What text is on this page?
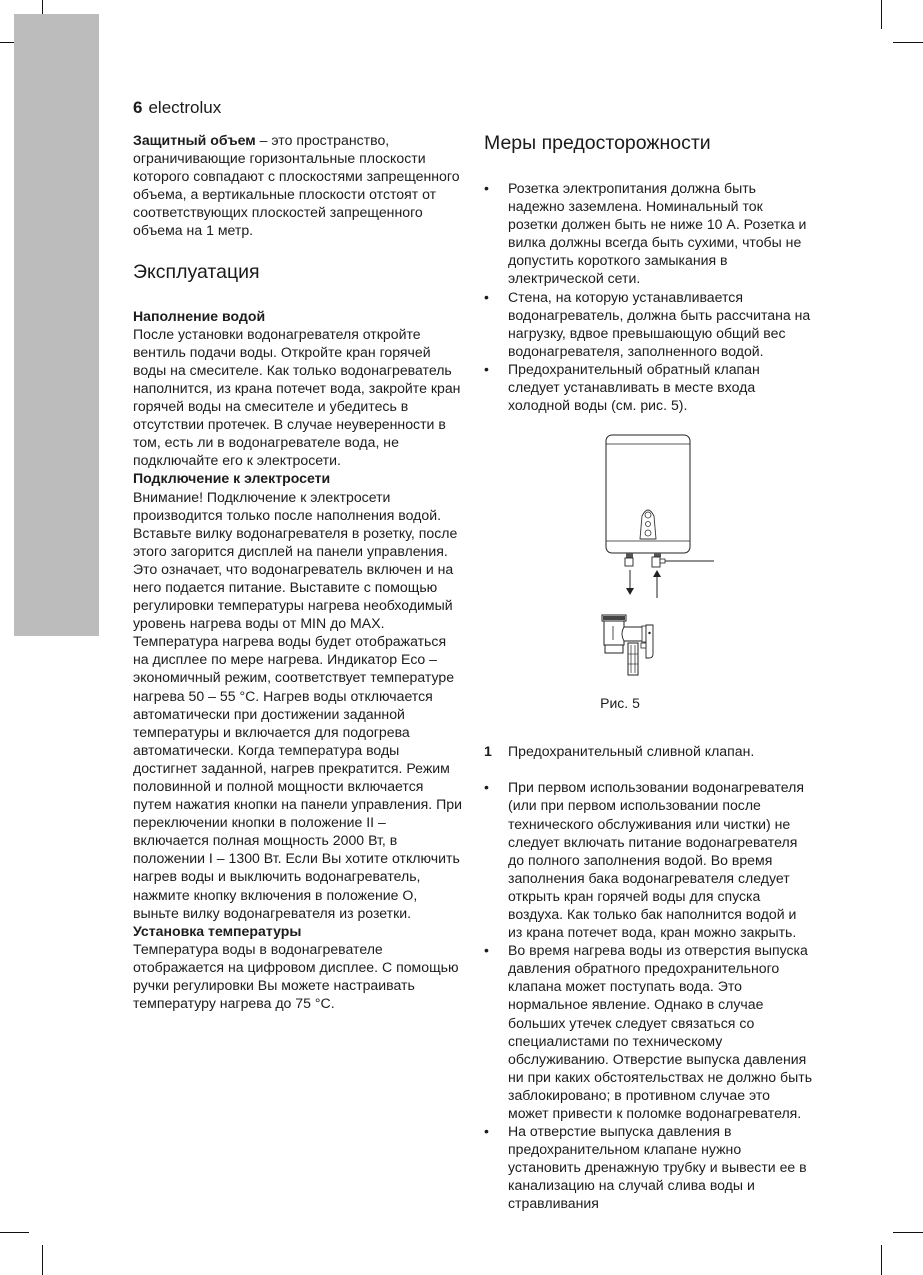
6 electrolux

Защитный объем – это пространство, ограничивающие горизонтальные плоскости которого совпадают с плоскостями запрещенного объема, а вертикальные плоскости отстоят от соответствующих плоскостей запрещенного объема на 1 метр.

Эксплуатация

Наполнение водой

После установки водонагревателя откройте вентиль подачи воды. Откройте кран горячей воды на смесителе. Как только водонагреватель наполнится, из крана потечет вода, закройте кран горячей воды на смесителе и убедитесь в отсутствии протечек. В случае неуверенности в том, есть ли в водонагревателе вода, не подключайте его к электросети.

Подключение к электросети

Внимание! Подключение к электросети производится только после наполнения водой. Вставьте вилку водонагревателя в розетку, после этого загорится дисплей на панели управления. Это означает, что водонагреватель включен и на него подается питание. Выставите с помощью регулировки температуры нагрева необходимый уровень нагрева воды от MIN до MAX. Температура нагрева воды будет отображаться на дисплее по мере нагрева. Индикатор Eco – экономичный режим, соответствует температуре нагрева 50 – 55 °C. Нагрев воды отключается автоматически при достижении заданной температуры и включается для подогрева автоматически. Когда температура воды достигнет заданной, нагрев прекратится. Режим половинной и полной мощности включается путем нажатия кнопки на панели управления. При переключении кнопки в положение II – включается полная мощность 2000 Вт, в положении I – 1300 Вт. Если Вы хотите отключить нагрев воды и выключить водонагреватель, нажмите кнопку включения в положение O, выньте вилку водонагревателя из розетки.

Установка температуры

Температура воды в водонагревателе отображается на цифровом дисплее. С помощью ручки регулировки Вы можете настраивать температуру нагрева до 75 °C.

Меры предосторожности
•	Розетка электропитания должна быть надежно заземлена. Номинальный ток розетки должен быть не ниже 10 А. Розетка и вилка должны всегда быть сухими, чтобы не допустить короткого замыкания в электрической сети.
•	Стена, на которую устанавливается водонагреватель, должна быть рассчитана на нагрузку, вдвое превышающую общий вес водонагревателя, заполненного водой.
•	Предохранительный обратный клапан следует устанавливать в месте входа холодной воды (см. рис. 5).
Рис. 5
1 Предохранительный сливной клапан.
•	При первом использовании водонагревателя (или при первом использовании после технического обслуживания или чистки) не следует включать питание водонагревателя до полного заполнения водой. Во время заполнения бака водонагревателя следует открыть кран горячей воды для спуска воздуха. Как только бак наполнится водой и из крана потечет вода, кран можно закрыть.
•	Во время нагрева воды из отверстия выпуска давления обратного предохранительного клапана может поступать вода. Это нормальное явление. Однако в случае больших утечек следует связаться со специалистами по техническому обслуживанию. Отверстие выпуска давления ни при каких обстоятельствах не должно быть заблокировано; в противном случае это может привести к поломке водонагревателя.
•	На отверстие выпуска давления в предохранительном клапане нужно установить дренажную трубку и вывести ее в канализацию на случай слива воды и стравливания
